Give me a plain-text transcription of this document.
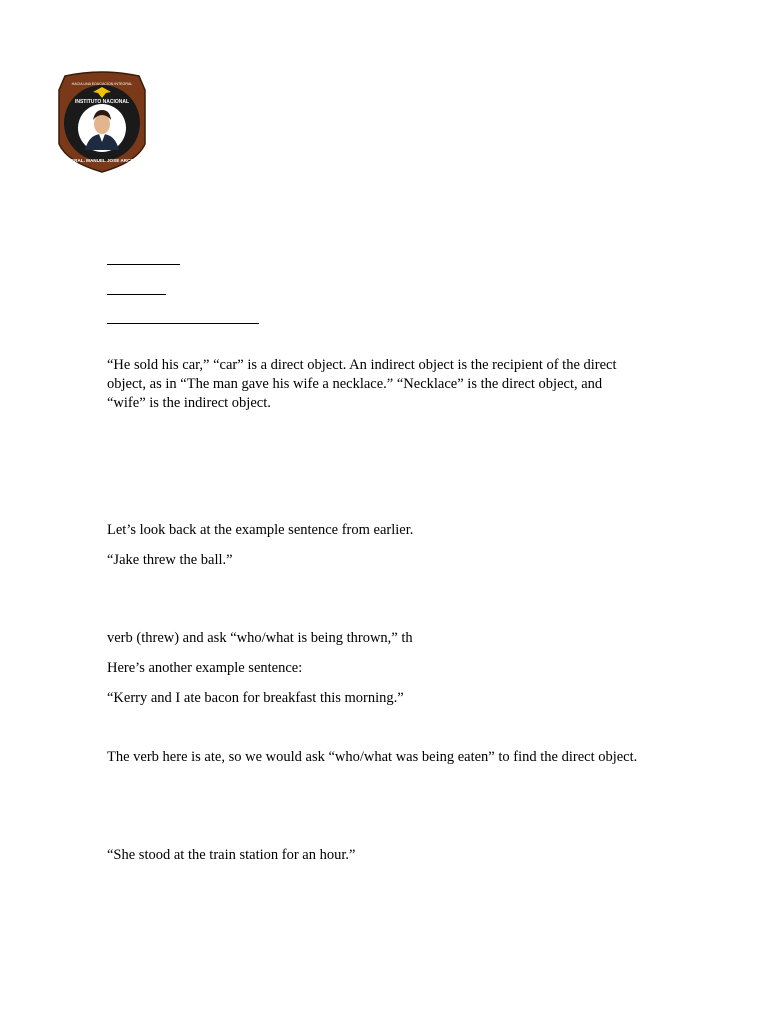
HACIA UNA EDUCACION INTEGRAL
INSTITUTO NACIONAL
GRAL. MANUEL JOSE ARCE
“He sold his car,” “car” is a direct object. An indirect object is the recipient of the direct
object, as in “The man gave his wife a necklace.” “Necklace” is the direct object, and
“wife” is the indirect object.
Let’s look back at the example sentence from earlier.
“Jake threw the ball.”
verb (threw) and ask “who/what is being thrown,” th
Here’s another example sentence:
“Kerry and I ate bacon for breakfast this morning.”
The verb here is ate, so we would ask “who/what was being eaten” to find the direct object.
“She stood at the train station for an hour.”
